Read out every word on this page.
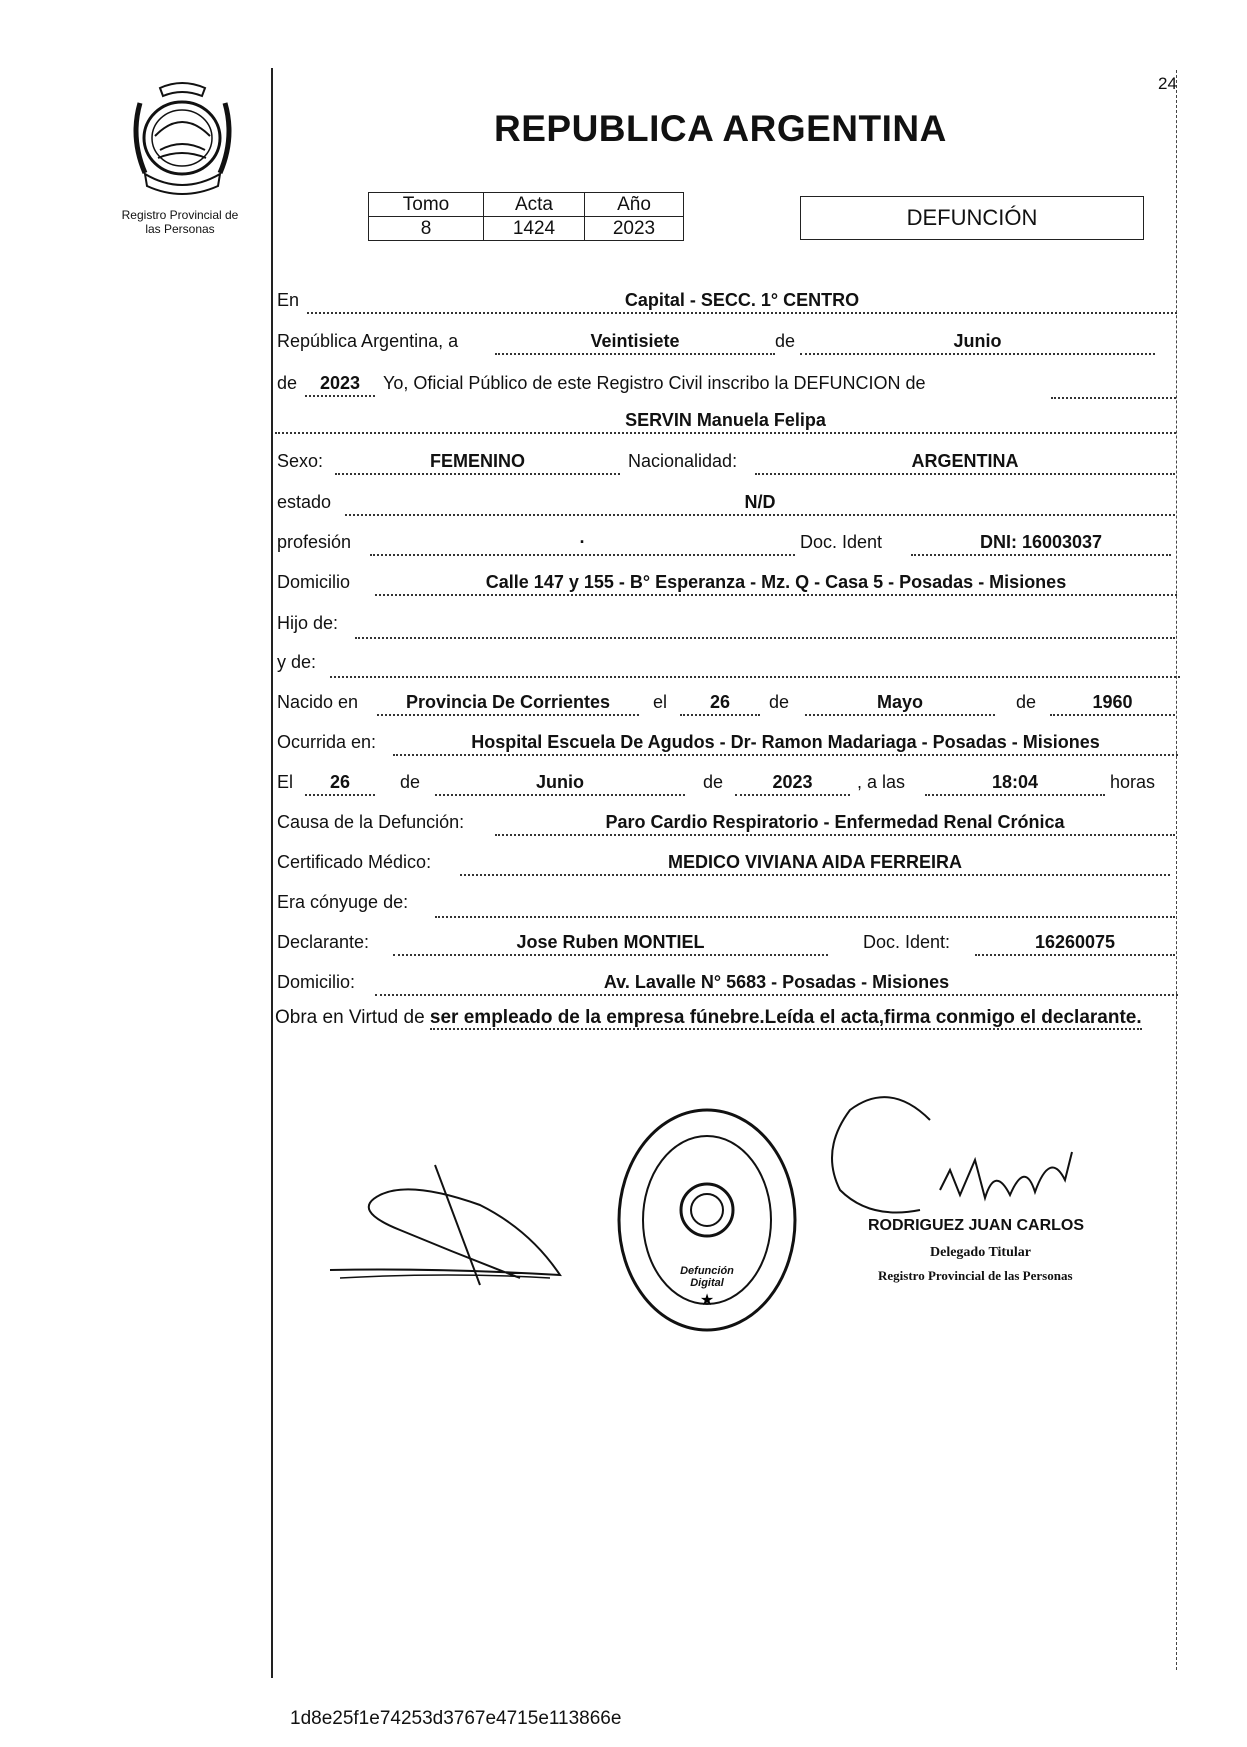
Registro Provincial de
las Personas
24
REPUBLICA ARGENTINA
Tomo	Acta	Año
8	1424	2023	DEFUNCIÓN
En	Capital - SECC. 1° CENTRO
República Argentina, a	Veintisiete	de	Junio
de	2023	Yo, Oficial Público de este Registro Civil inscribo la DEFUNCION de
SERVIN Manuela Felipa
Sexo:	FEMENINO	Nacionalidad:	ARGENTINA
estado	N/D
profesión	·	Doc. Ident	DNI: 16003037
Domicilio	Calle 147 y 155 - B° Esperanza - Mz. Q - Casa 5 - Posadas - Misiones
Hijo de:
y de:
Nacido en	Provincia De Corrientes	el	26	de	Mayo	de	1960
Ocurrida en:	Hospital Escuela De Agudos - Dr- Ramon Madariaga - Posadas - Misiones
El	26	de	Junio	de	2023	, a las	18:04	horas
Causa de la Defunción:	Paro Cardio Respiratorio - Enfermedad Renal Crónica
Certificado Médico:	MEDICO VIVIANA AIDA FERREIRA
Era cónyuge de:
Declarante:	Jose Ruben MONTIEL	Doc. Ident:	16260075
Domicilio:	Av. Lavalle N° 5683 - Posadas - Misiones
Obra en Virtud de ser empleado de la empresa fúnebre.Leída el acta,firma conmigo el declarante.
★
Defunción Digital
RODRIGUEZ JUAN CARLOS
Delegado Titular
Registro Provincial de las Personas
1d8e25f1e74253d3767e4715e113866e
